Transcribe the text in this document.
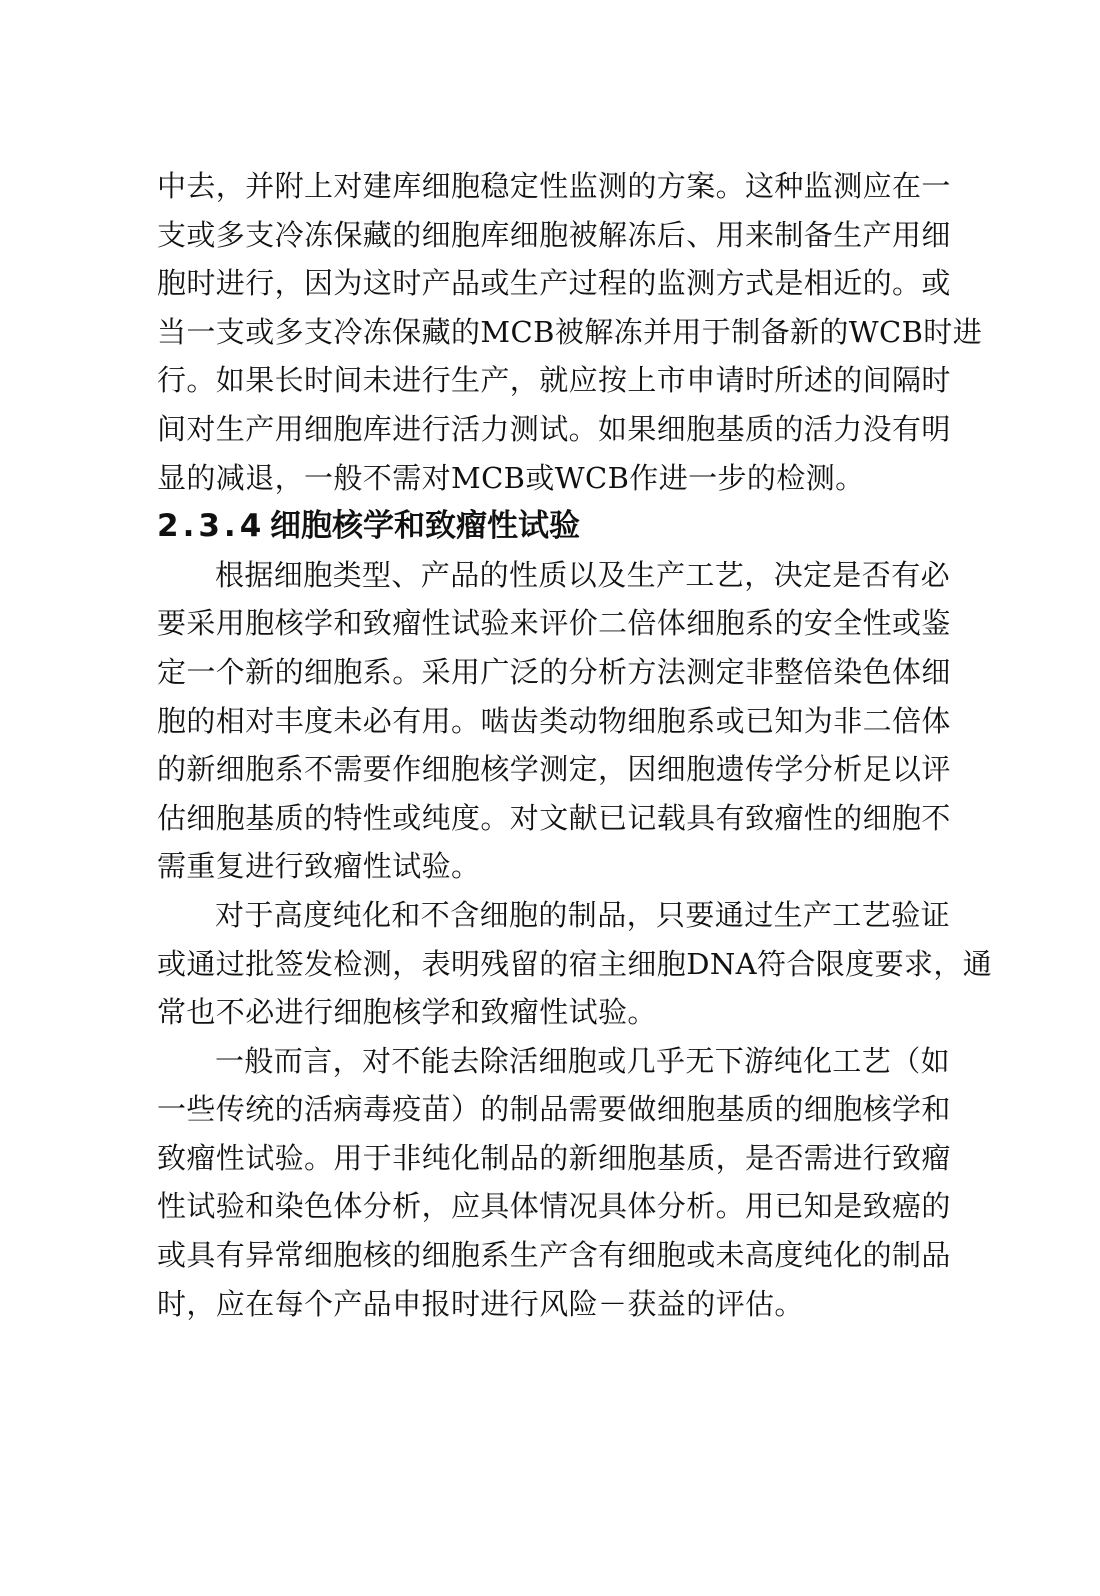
中去，并附上对建库细胞稳定性监测的方案。这种监测应在一

支或多支冷冻保藏的细胞库细胞被解冻后、用来制备生产用细

胞时进行，因为这时产品或生产过程的监测方式是相近的。或

当一支或多支冷冻保藏的MCB被解冻并用于制备新的WCB时进

行。如果长时间未进行生产，就应按上市申请时所述的间隔时

间对生产用细胞库进行活力测试。如果细胞基质的活力没有明

显的减退，一般不需对MCB或WCB作进一步的检测。

2.3.4 细胞核学和致瘤性试验

根据细胞类型、产品的性质以及生产工艺，决定是否有必

要采用胞核学和致瘤性试验来评价二倍体细胞系的安全性或鉴

定一个新的细胞系。采用广泛的分析方法测定非整倍染色体细

胞的相对丰度未必有用。啮齿类动物细胞系或已知为非二倍体

的新细胞系不需要作细胞核学测定，因细胞遗传学分析足以评

估细胞基质的特性或纯度。对文献已记载具有致瘤性的细胞不

需重复进行致瘤性试验。

对于高度纯化和不含细胞的制品，只要通过生产工艺验证

或通过批签发检测，表明残留的宿主细胞DNA符合限度要求，通

常也不必进行细胞核学和致瘤性试验。

一般而言，对不能去除活细胞或几乎无下游纯化工艺（如

一些传统的活病毒疫苗）的制品需要做细胞基质的细胞核学和

致瘤性试验。用于非纯化制品的新细胞基质，是否需进行致瘤

性试验和染色体分析，应具体情况具体分析。用已知是致癌的

或具有异常细胞核的细胞系生产含有细胞或未高度纯化的制品

时，应在每个产品申报时进行风险－获益的评估。
